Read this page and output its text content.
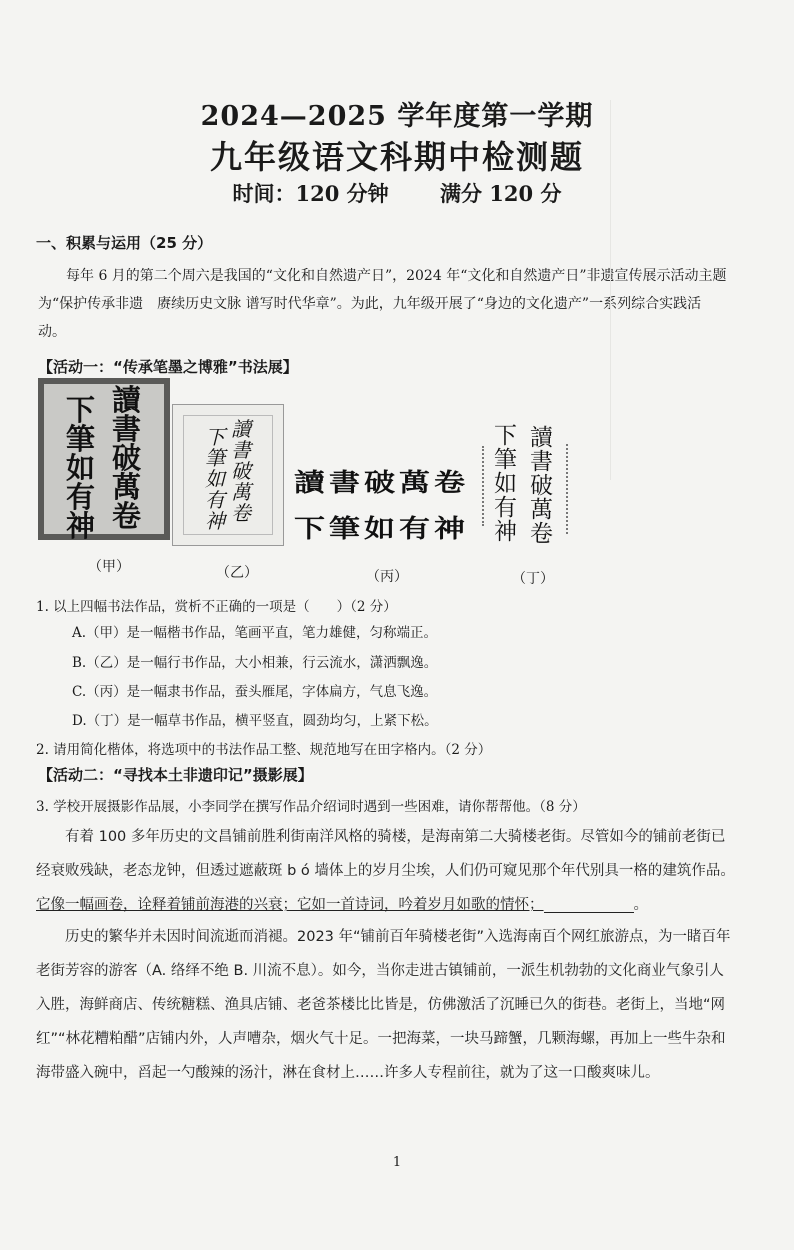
2024—2025 学年度第一学期
九年级语文科期中检测题
时间：120 分钟 满分 120 分
一、积累与运用（25 分）
每年 6 月的第二个周六是我国的“文化和自然遗产日”，2024 年“文化和自然遗产日”非遗宣传展示活动主题为“保护传承非遗　赓续历史文脉 谱写时代华章”。为此，九年级开展了“身边的文化遗产”一系列综合实践活动。
【活动一：“传承笔墨之博雅”书法展】
讀書破萬卷
下筆如有神
（甲）
讀書破萬卷
下筆如有神
（乙）
讀書破萬卷
下筆如有神
（丙）
讀書破萬卷
下筆如有神
（丁）
1. 以上四幅书法作品，赏析不正确的一项是（　　）（2 分）
A.（甲）是一幅楷书作品，笔画平直，笔力雄健，匀称端正。
B.（乙）是一幅行书作品，大小相兼，行云流水，潇洒飘逸。
C.（丙）是一幅隶书作品，蚕头雁尾，字体扁方，气息飞逸。
D.（丁）是一幅草书作品，横平竖直，圆劲均匀，上紧下松。
2. 请用简化楷体，将选项中的书法作品工整、规范地写在田字格内。（2 分）
【活动二：“寻找本土非遗印记”摄影展】
3. 学校开展摄影作品展，小李同学在撰写作品介绍词时遇到一些困难，请你帮帮他。（8 分）
有着 100 多年历史的文昌铺前胜利街南洋风格的骑楼，是海南第二大骑楼老街。尽管如今的铺前老街已经衰败残缺，老态龙钟，但透过遮蔽斑 b ó 墙体上的岁月尘埃，人们仍可窥见那个年代别具一格的建筑作品。它像一幅画卷，诠释着铺前海港的兴衰；它如一首诗词，吟着岁月如歌的情怀；	。
历史的繁华并未因时间流逝而消褪。2023 年“铺前百年骑楼老街”入选海南百个网红旅游点，为一睹百年老街芳容的游客（A. 络绎不绝 B. 川流不息）。如今，当你走进古镇铺前，一派生机勃勃的文化商业气象引人入胜，海鲜商店、传统糖糕、渔具店铺、老爸茶楼比比皆是，仿佛激活了沉睡已久的街巷。老街上，当地“网红”“林花糟粕醋”店铺内外，人声嘈杂，烟火气十足。一把海菜，一块马蹄蟹，几颗海螺，再加上一些牛杂和海带盛入碗中，舀起一勺酸辣的汤汁，淋在食材上……许多人专程前往，就为了这一口酸爽味儿。
1
